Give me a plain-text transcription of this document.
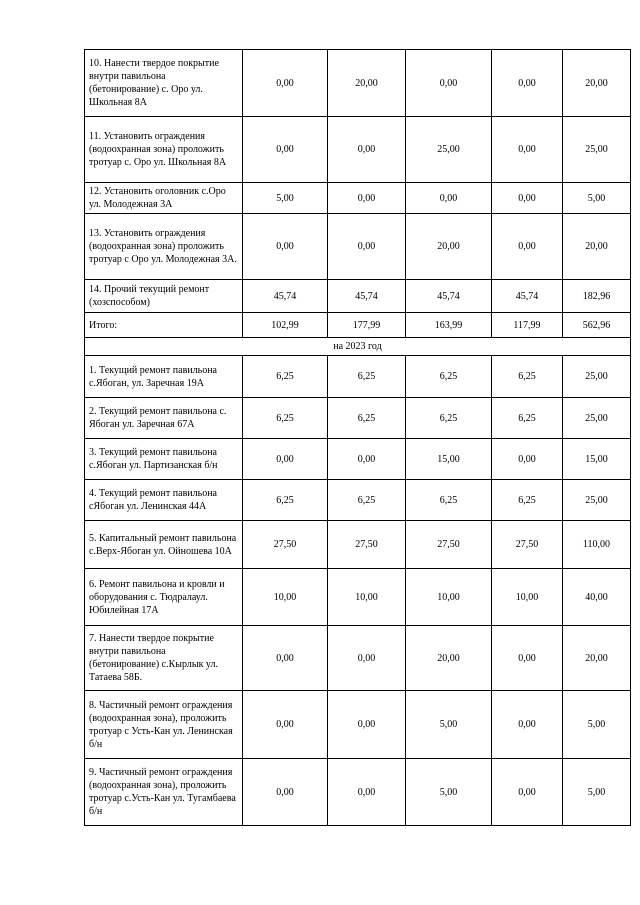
10. Нанести твердое покрытие внутри павильона (бетонирование) с. Оро ул. Школьная 8А	0,00	20,00	0,00	0,00	20,00
11. Установить ограждения (водоохранная зона) проложить тротуар с. Оро ул. Школьная 8А	0,00	0,00	25,00	0,00	25,00
12. Установить оголовник с.Оро ул. Молодежная 3А	5,00	0,00	0,00	0,00	5,00
13. Установить ограждения (водоохранная зона) проложить тротуар с Оро ул. Молодежная 3А.	0,00	0,00	20,00	0,00	20,00
14. Прочий текущий ремонт (хозспособом)	45,74	45,74	45,74	45,74	182,96
Итого:	102,99	177,99	163,99	117,99	562,96
на 2023 год					
1. Текущий ремонт павильона с.Ябоган, ул. Заречная 19А	6,25	6,25	6,25	6,25	25,00
2. Текущий ремонт павильона с. Ябоган ул. Заречная 67А	6,25	6,25	6,25	6,25	25,00
3. Текущий ремонт павильона с.Ябоган ул. Партизанская б/н	0,00	0,00	15,00	0,00	15,00
4. Текущий ремонт павильона сЯбоган ул. Ленинская 44А	6,25	6,25	6,25	6,25	25,00
5. Капитальный ремонт павильона с.Верх-Ябоган ул. Ойношева 10А	27,50	27,50	27,50	27,50	110,00
6. Ремонт павильона и кровли и оборудования с. Тюдралаул. Юбилейная 17А	10,00	10,00	10,00	10,00	40,00
7. Нанести твердое покрытие внутри павильона (бетонирование) с.Кырлык ул. Татаева 58Б.	0,00	0,00	20,00	0,00	20,00
8. Частичный ремонт ограждения (водоохранная зона), проложить тротуар с Усть-Кан ул. Ленинская б/н	0,00	0,00	5,00	0,00	5,00
9. Частичный ремонт ограждения (водоохранная зона), проложить тротуар с.Усть-Кан ул. Тугамбаева б/н	0,00	0,00	5,00	0,00	5,00
